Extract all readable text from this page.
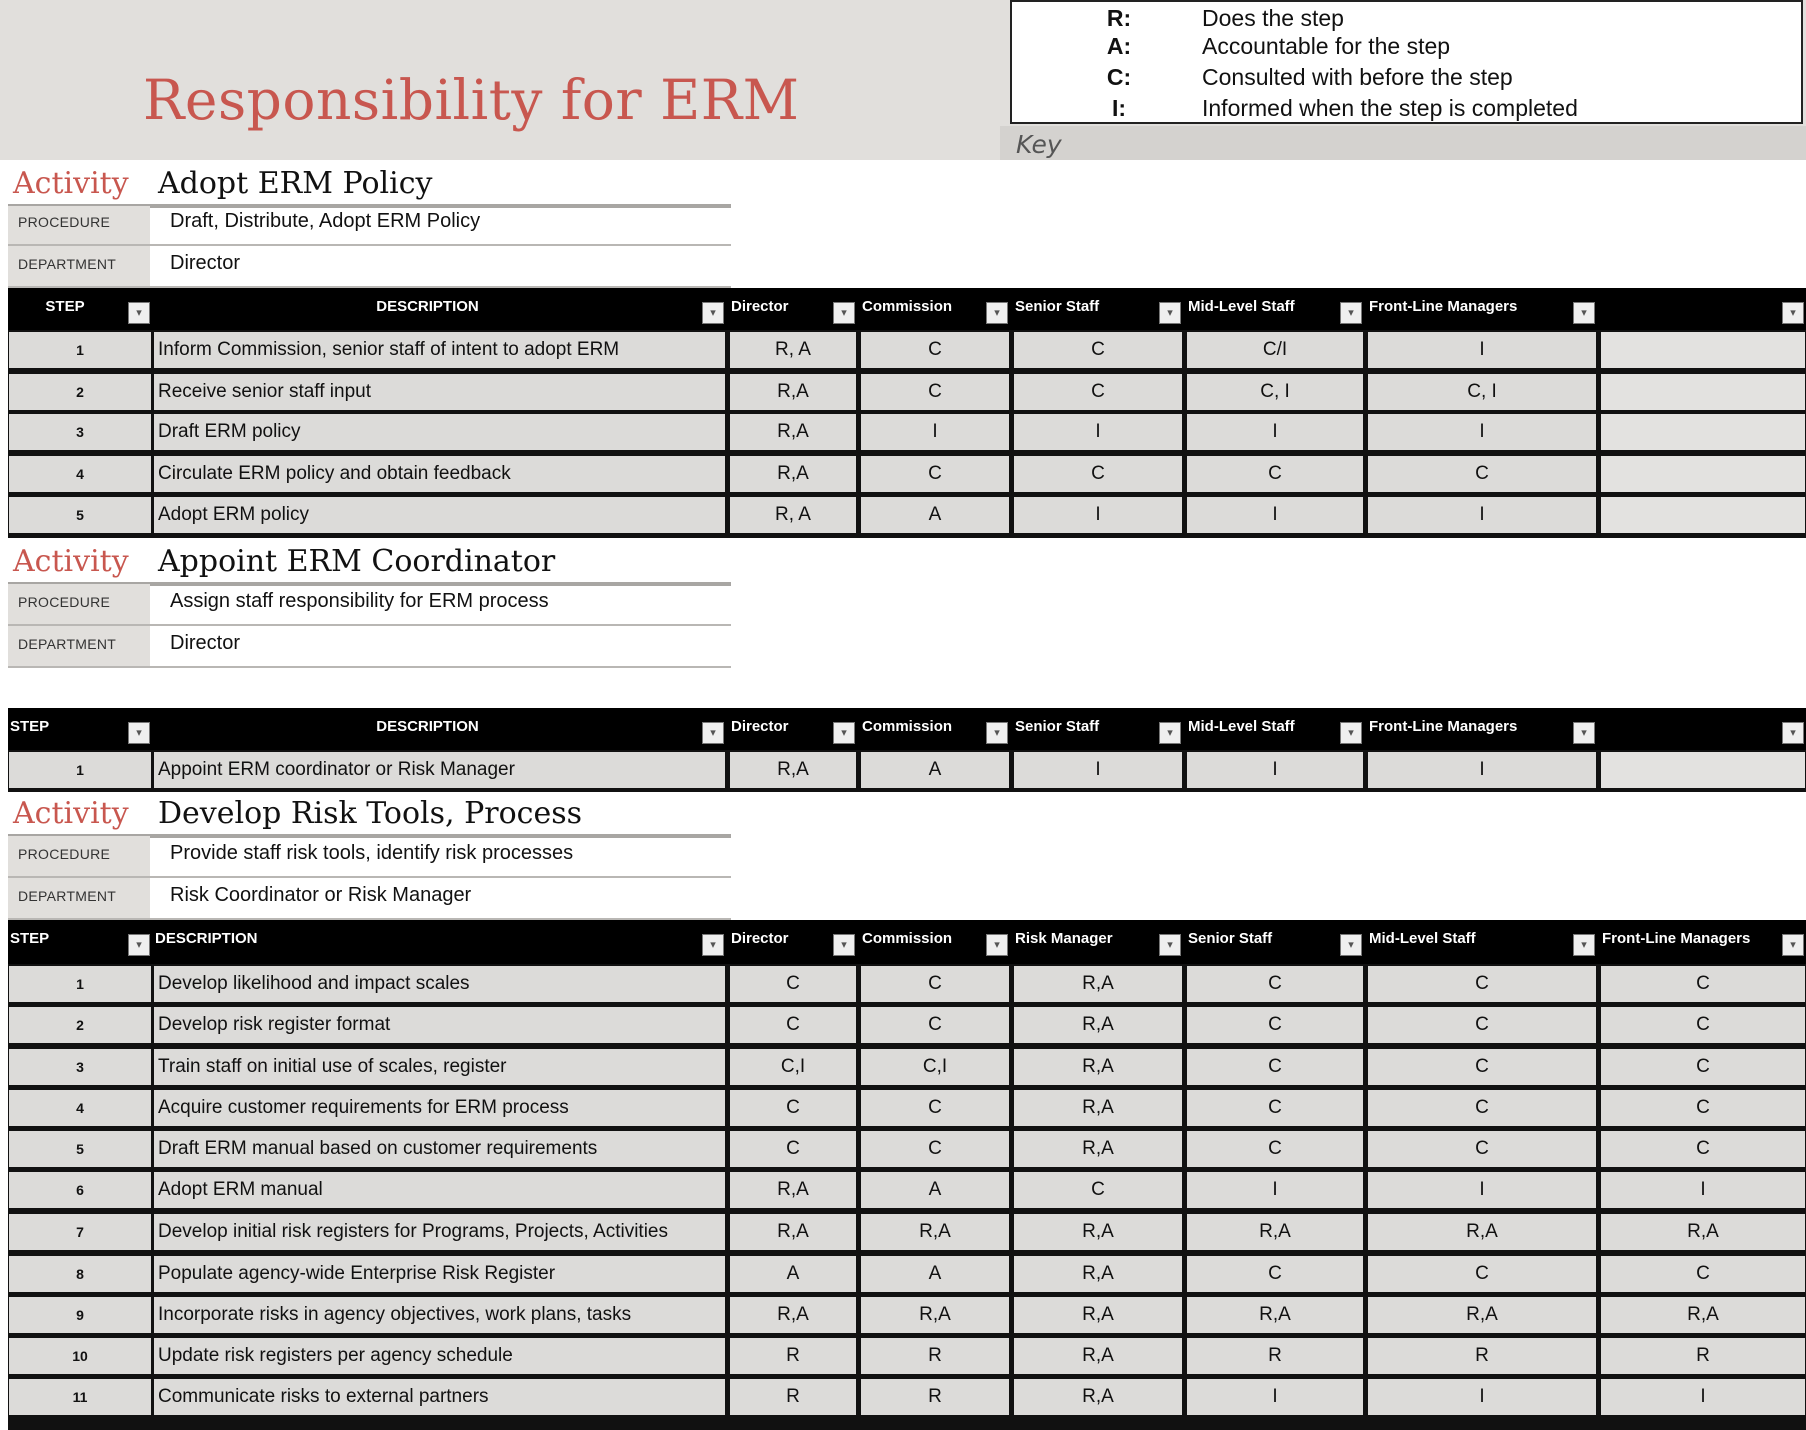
Responsibility for ERM
R:	Does the step
A:	Accountable for the step
C:	Consulted with before the step
I:	Informed when the step is completed
Key
Activity Adopt ERM Policy
PROCEDURE	Draft, Distribute, Adopt ERM Policy
DEPARTMENT	Director
STEP	▾	DESCRIPTION	▾	Director	▾	Commission	▾	Senior Staff	▾	Mid-Level Staff	▾	Front-Line Managers	▾	▾
1	Inform Commission, senior staff of intent to adopt ERM	R, A	C	C	C/I	I
2	Receive senior staff input	R,A	C	C	C, I	C, I
3	Draft ERM policy	R,A	I	I	I	I
4	Circulate ERM policy and obtain feedback	R,A	C	C	C	C
5	Adopt ERM policy	R, A	A	I	I	I
Activity Appoint ERM Coordinator
PROCEDURE	Assign staff responsibility for ERM process
DEPARTMENT	Director
STEP	▾	DESCRIPTION	▾	Director	▾	Commission	▾	Senior Staff	▾	Mid-Level Staff	▾	Front-Line Managers	▾	▾
1	Appoint ERM coordinator or Risk Manager	R,A	A	I	I	I
Activity Develop Risk Tools, Process
PROCEDURE	Provide staff risk tools, identify risk processes
DEPARTMENT	Risk Coordinator or Risk Manager
STEP	▾ DESCRIPTION	▾	Director	▾	Commission	▾	Risk Manager	▾	Senior Staff	▾	Mid-Level Staff	▾	Front-Line Managers	▾
1	Develop likelihood and impact scales	C	C	R,A	C	C	C
2	Develop risk register format	C	C	R,A	C	C	C
3	Train staff on initial use of scales, register	C,I	C,I	R,A	C	C	C
4	Acquire customer requirements for ERM process	C	C	R,A	C	C	C
5	Draft ERM manual based on customer requirements	C	C	R,A	C	C	C
6	Adopt ERM manual	R,A	A	C	I	I	I
7	Develop initial risk registers for Programs, Projects, Activities	R,A	R,A	R,A	R,A	R,A	R,A
8	Populate agency-wide Enterprise Risk Register	A	A	R,A	C	C	C
9	Incorporate risks in agency objectives, work plans, tasks	R,A	R,A	R,A	R,A	R,A	R,A
10	Update risk registers per agency schedule	R	R	R,A	R	R	R
11	Communicate risks to external partners	R	R	R,A	I	I	I
